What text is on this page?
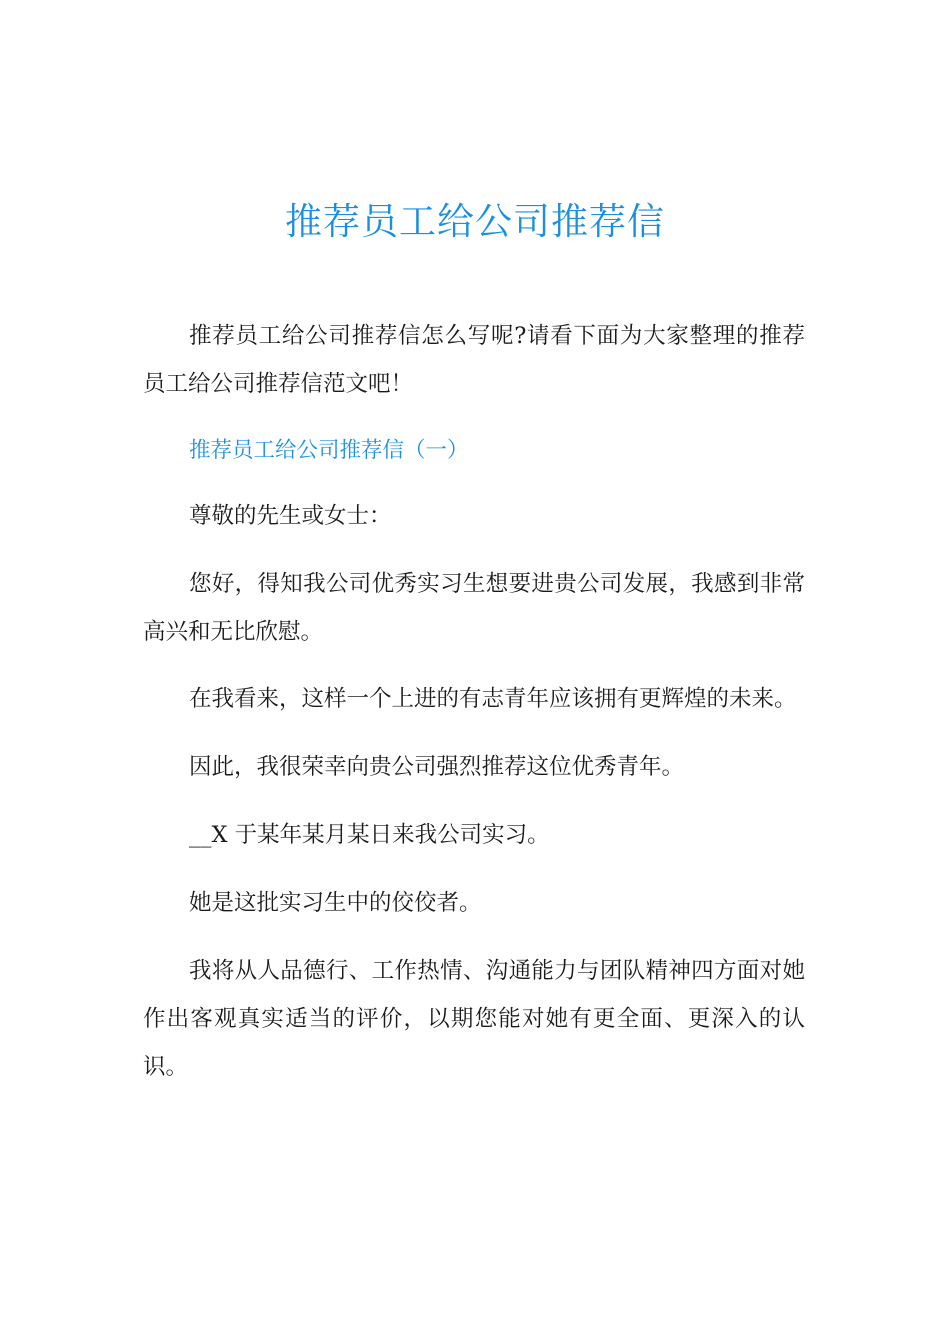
推荐员工给公司推荐信

推荐员工给公司推荐信怎么写呢?请看下面为大家整理的推荐员工给公司推荐信范文吧！

推荐员工给公司推荐信（一）

尊敬的先生或女士：

您好，得知我公司优秀实习生想要进贵公司发展，我感到非常高兴和无比欣慰。

在我看来，这样一个上进的有志青年应该拥有更辉煌的未来。

因此，我很荣幸向贵公司强烈推荐这位优秀青年。

__X 于某年某月某日来我公司实习。

她是这批实习生中的佼佼者。

我将从人品德行、工作热情、沟通能力与团队精神四方面对她作出客观真实适当的评价，以期您能对她有更全面、更深入的认识。
